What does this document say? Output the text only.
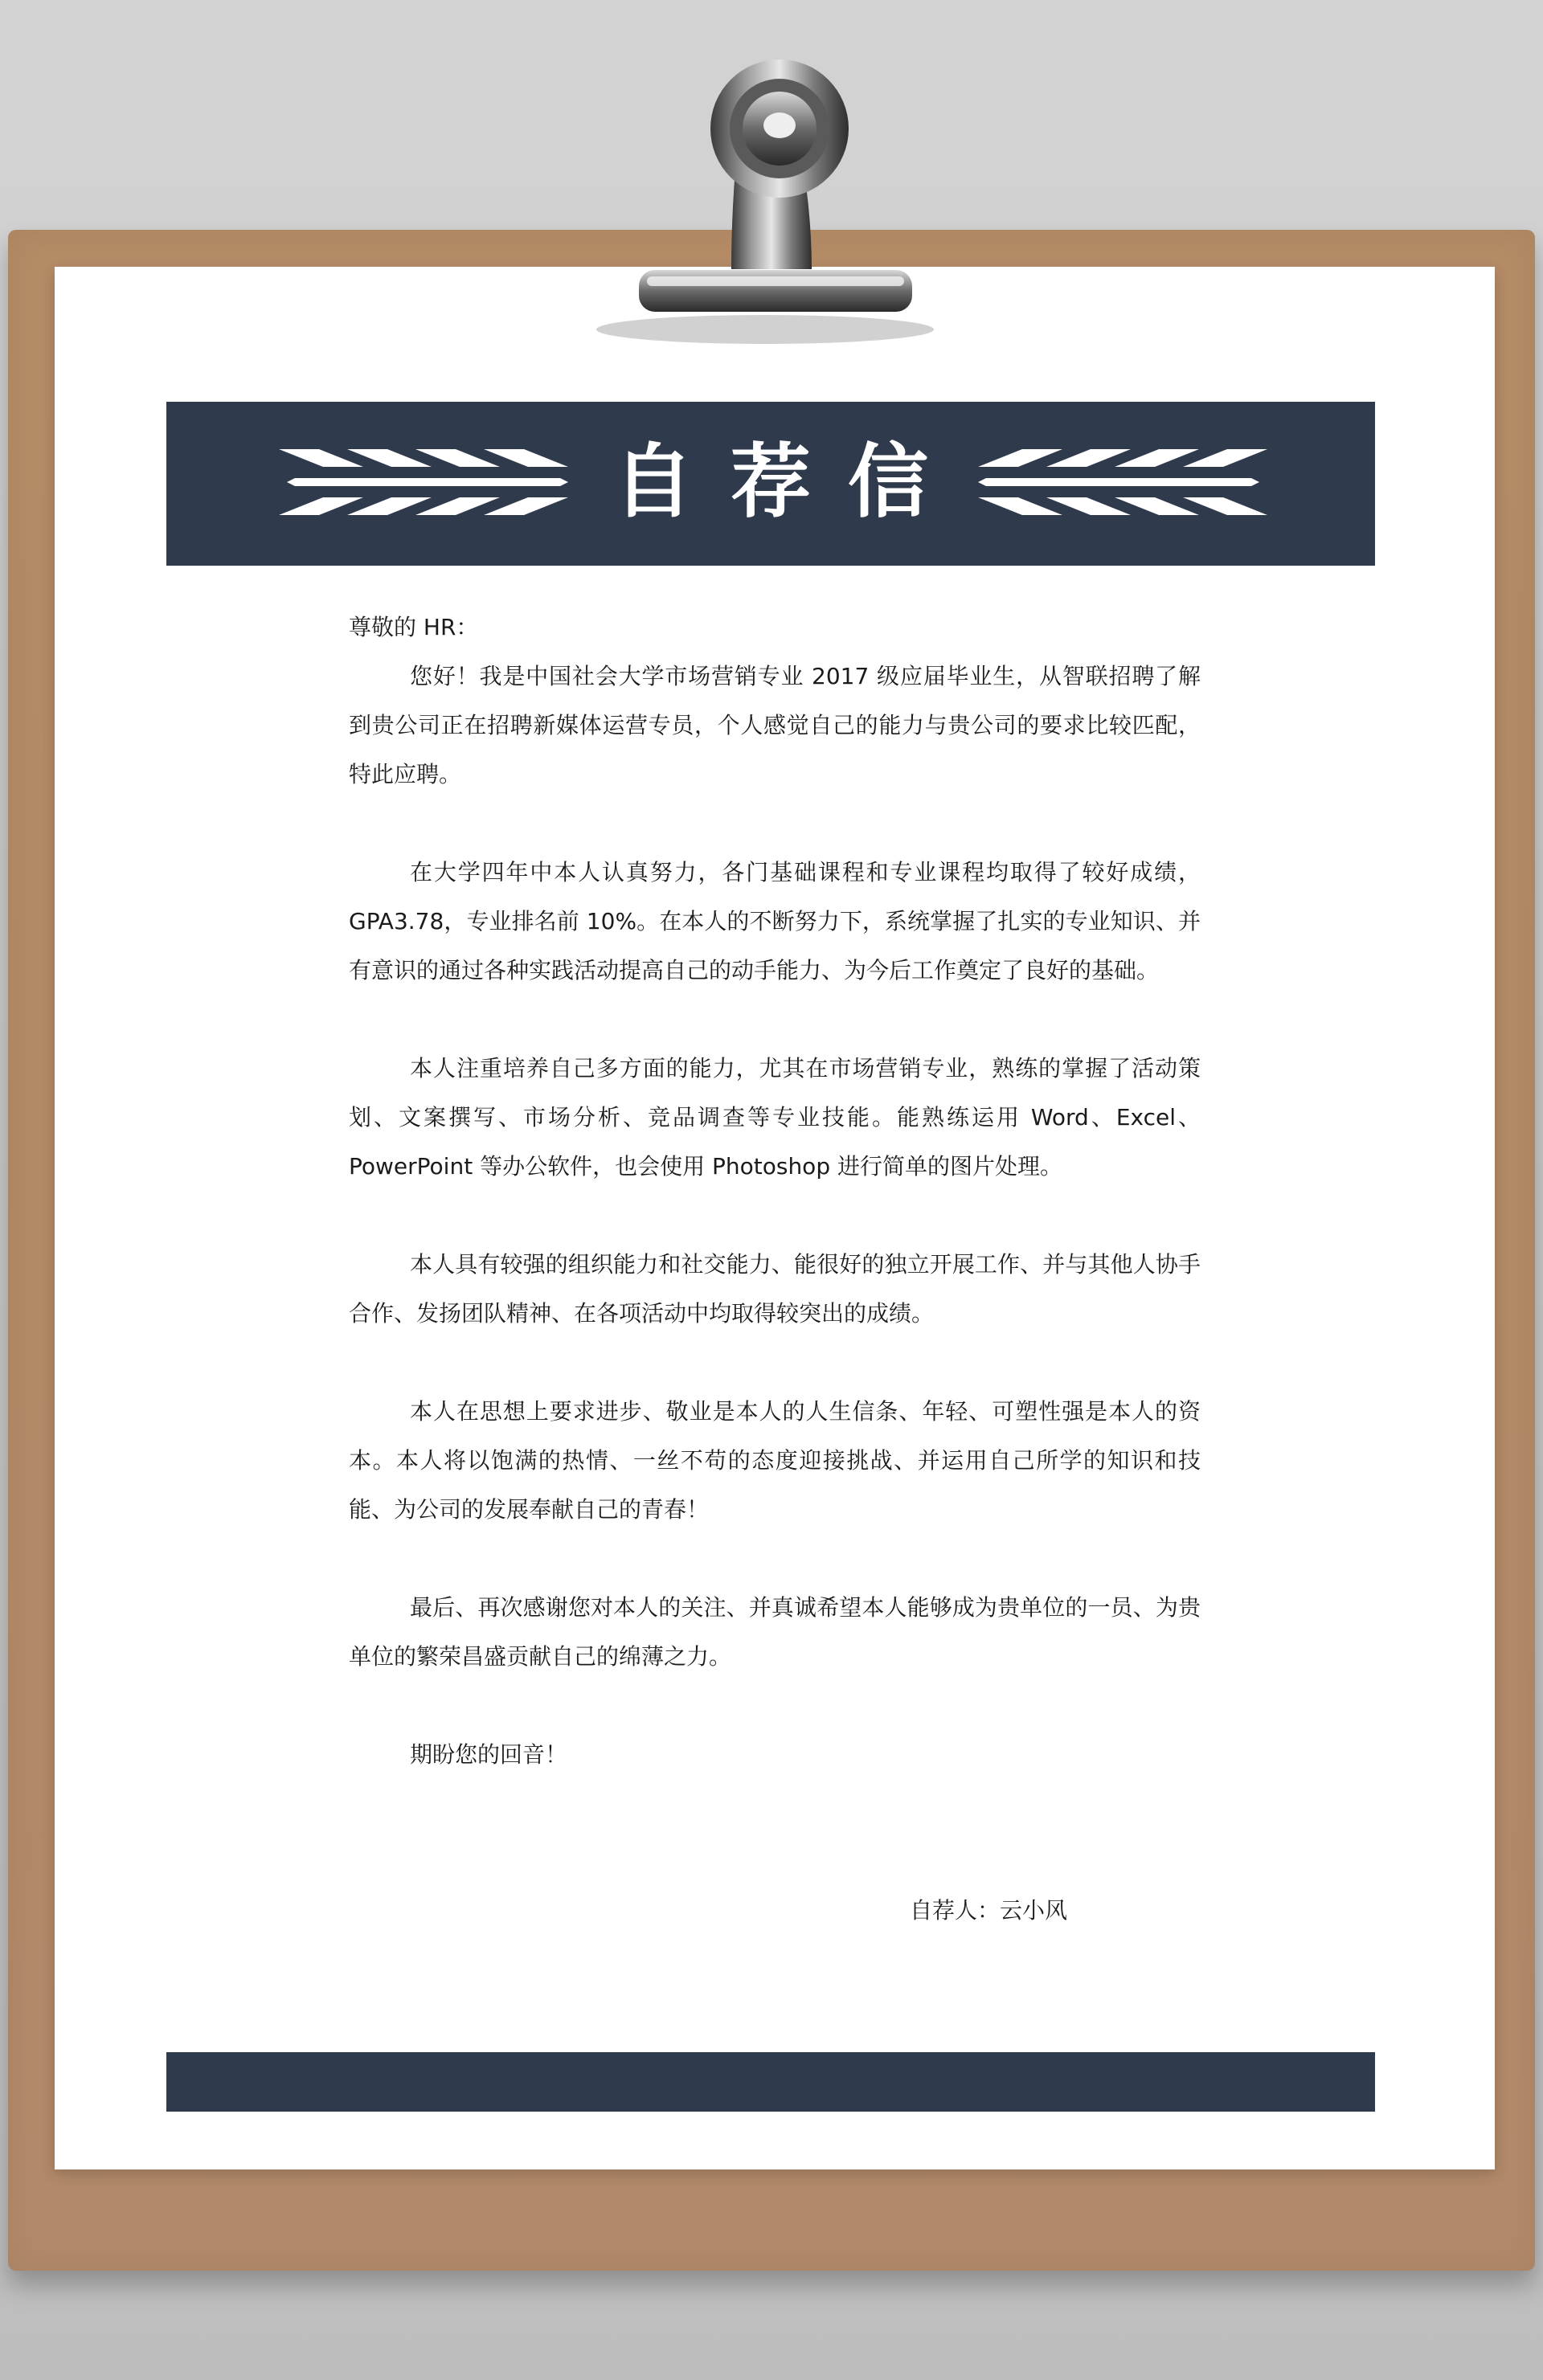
自荐信

尊敬的 HR：

您好！我是中国社会大学市场营销专业 2017 级应届毕业生，从智联招聘了解到贵公司正在招聘新媒体运营专员，个人感觉自己的能力与贵公司的要求比较匹配，特此应聘。

在大学四年中本人认真努力，各门基础课程和专业课程均取得了较好成绩，GPA3.78，专业排名前 10%。在本人的不断努力下，系统掌握了扎实的专业知识、并有意识的通过各种实践活动提高自己的动手能力、为今后工作奠定了良好的基础。

本人注重培养自己多方面的能力，尤其在市场营销专业，熟练的掌握了活动策划、文案撰写、市场分析、竞品调查等专业技能。能熟练运用 Word、Excel、PowerPoint 等办公软件，也会使用 Photoshop 进行简单的图片处理。

本人具有较强的组织能力和社交能力、能很好的独立开展工作、并与其他人协手合作、发扬团队精神、在各项活动中均取得较突出的成绩。

本人在思想上要求进步、敬业是本人的人生信条、年轻、可塑性强是本人的资本。本人将以饱满的热情、一丝不苟的态度迎接挑战、并运用自己所学的知识和技能、为公司的发展奉献自己的青春！

最后、再次感谢您对本人的关注、并真诚希望本人能够成为贵单位的一员、为贵单位的繁荣昌盛贡献自己的绵薄之力。

期盼您的回音！

自荐人：云小风
